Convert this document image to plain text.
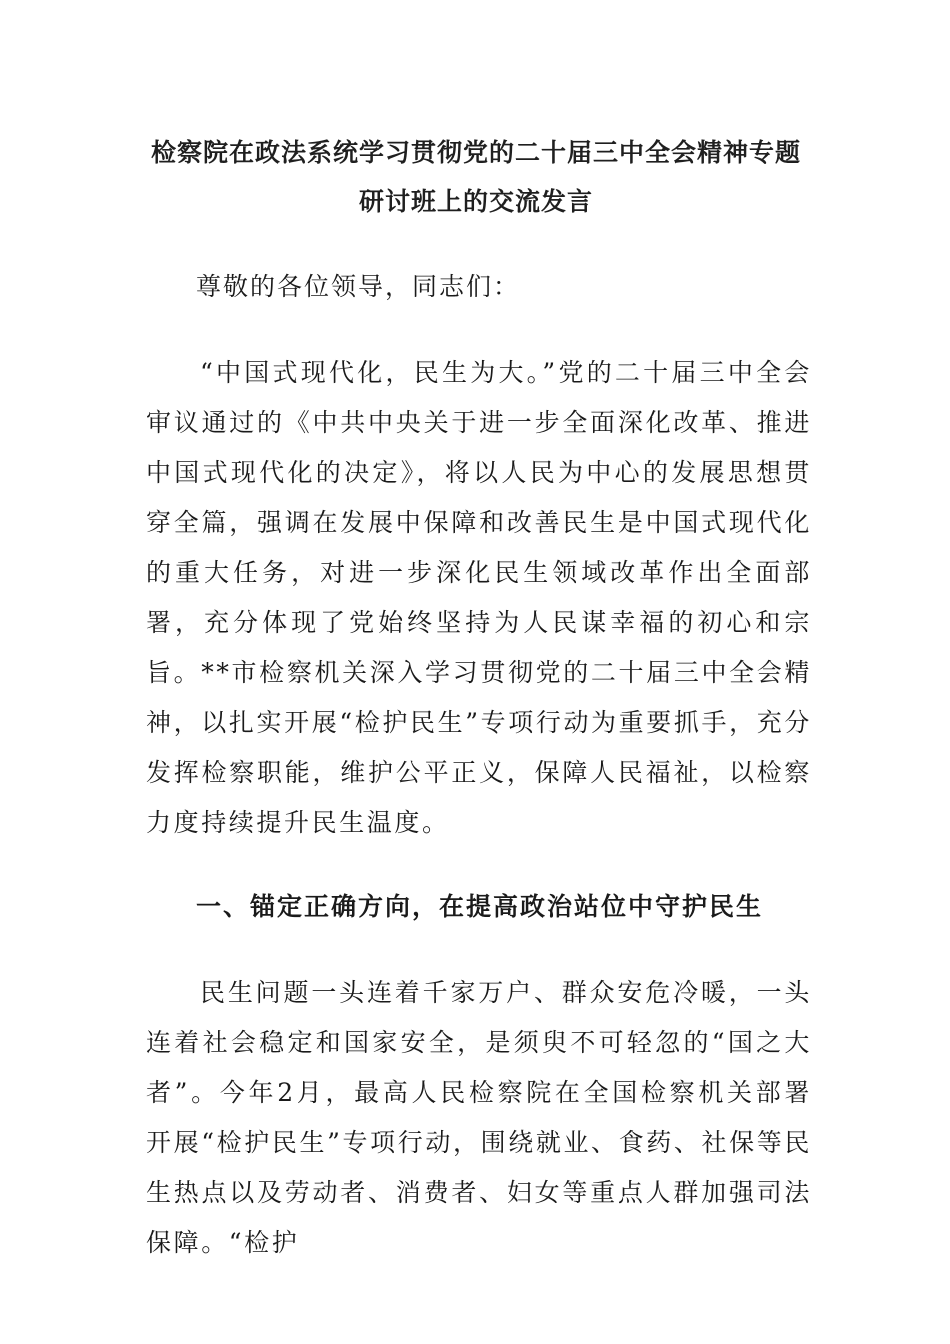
检察院在政法系统学习贯彻党的二十届三中全会精神专题
研讨班上的交流发言
尊敬的各位领导，同志们：

“中国式现代化，民生为大。”党的二十届三中全会审议通过的《中共中央关于进一步全面深化改革、推进中国式现代化的决定》，将以人民为中心的发展思想贯穿全篇，强调在发展中保障和改善民生是中国式现代化的重大任务，对进一步深化民生领域改革作出全面部署，充分体现了党始终坚持为人民谋幸福的初心和宗旨。**市检察机关深入学习贯彻党的二十届三中全会精神，以扎实开展“检护民生”专项行动为重要抓手，充分发挥检察职能，维护公平正义，保障人民福祉，以检察力度持续提升民生温度。

一、锚定正确方向，在提高政治站位中守护民生

民生问题一头连着千家万户、群众安危冷暖，一头连着社会稳定和国家安全，是须臾不可轻忽的“国之大者”。今年2月，最高人民检察院在全国检察机关部署开展“检护民生”专项行动，围绕就业、食药、社保等民生热点以及劳动者、消费者、妇女等重点人群加强司法保障。“检护
